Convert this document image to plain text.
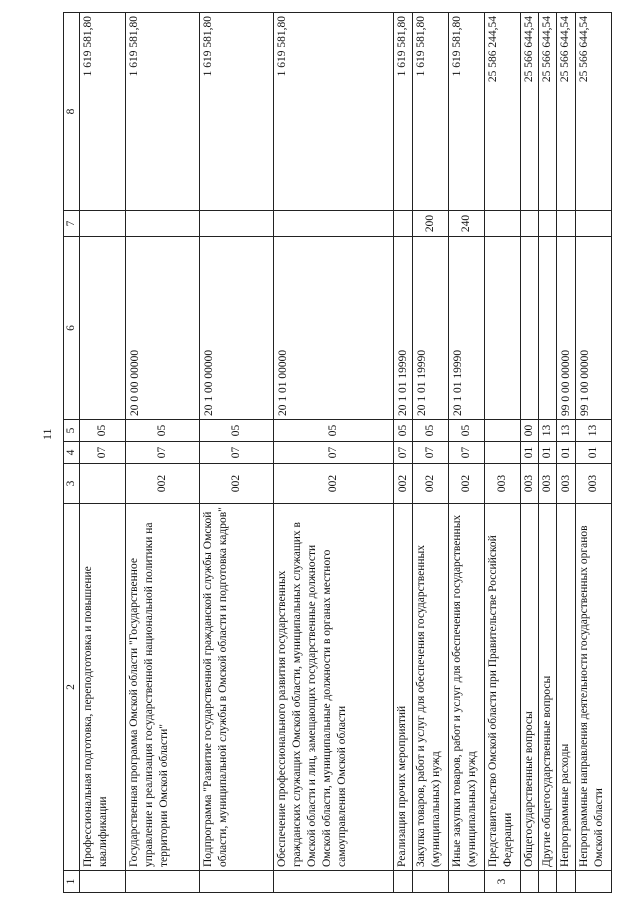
11
1	2	3	4	5	6	7	8
	Профессиональная подготовка, переподготовка и повышение квалификации		07	05			1 619 581,80
	Государственная программа Омской области "Государственное управление и реализация государственной национальной политики на территории Омской области"	002	07	05	20 0 00 00000		1 619 581,80
	Подпрограмма "Развитие государственной гражданской службы Омской области, муниципальной службы в Омской области и подготовка кадров"	002	07	05	20 1 00 00000		1 619 581,80
	Обеспечение профессионального развития государственных гражданских служащих Омской области, муниципальных служащих в Омской области и лиц, замещающих государственные должности Омской области, муниципальные должности в органах местного самоуправления Омской области	002	07	05	20 1 01 00000		1 619 581,80
	Реализация прочих мероприятий	002	07	05	20 1 01 19990		1 619 581,80
	Закупка товаров, работ и услуг для обеспечения государственных (муниципальных) нужд	002	07	05	20 1 01 19990	200	1 619 581,80
	Иные закупки товаров, работ и услуг для обеспечения государственных (муниципальных) нужд	002	07	05	20 1 01 19990	240	1 619 581,80
3	Представительство Омской области при Правительстве Российской Федерации	003					25 586 244,54
	Общегосударственные вопросы	003	01	00			25 566 644,54
	Другие общегосударственные вопросы	003	01	13			25 566 644,54
	Непрограммные расходы	003	01	13	99 0 00 00000		25 566 644,54
	Непрограммные направления деятельности государственных органов Омской области	003	01	13	99 1 00 00000		25 566 644,54
